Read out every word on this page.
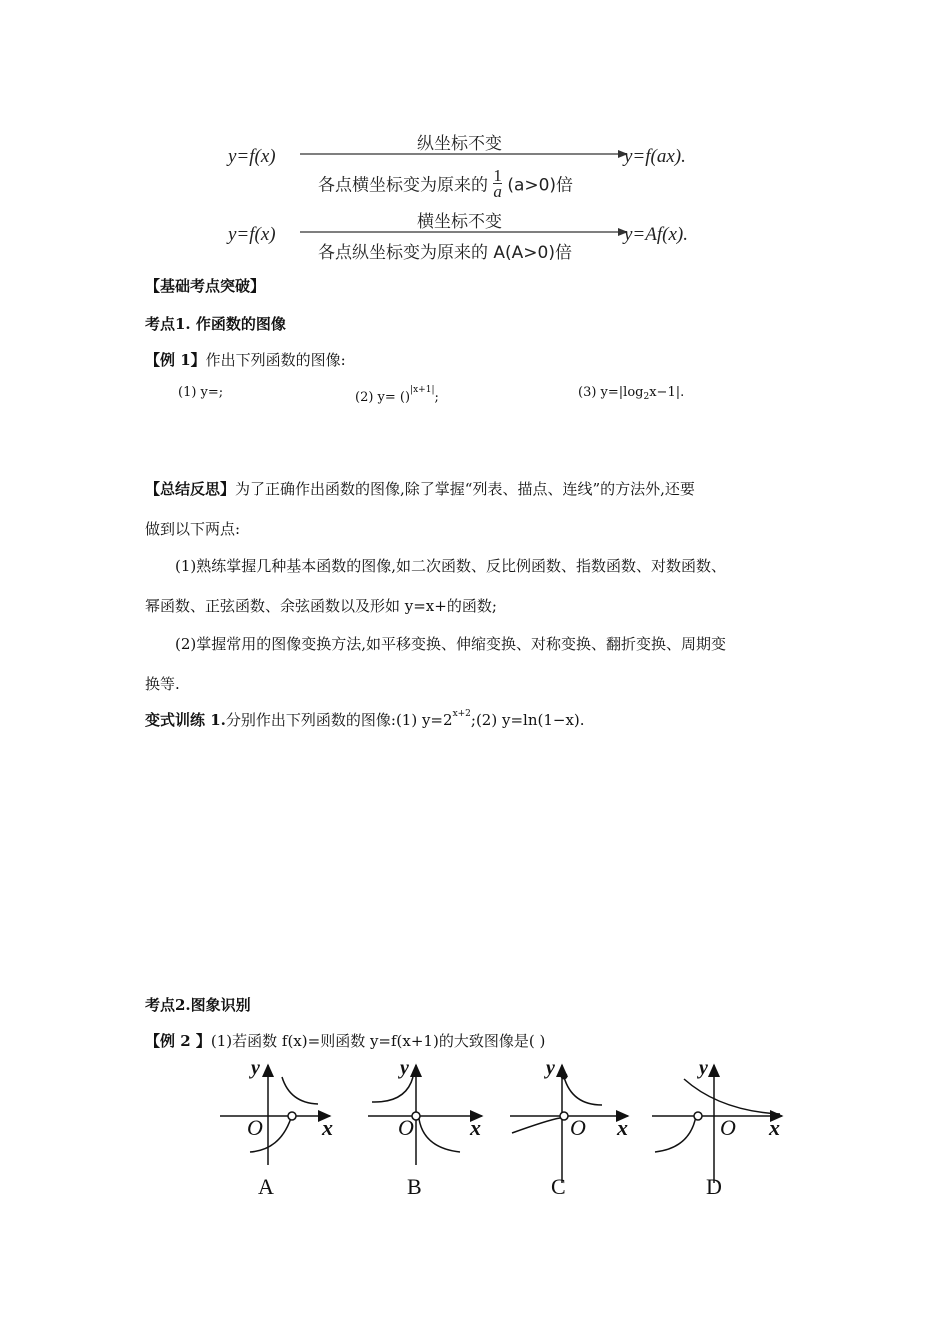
y=f(x)
纵坐标不变
各点横坐标变为原来的 $\frac{1}{a} (a>0)$倍
y=f(ax).
y=f(x)
横坐标不变
各点纵坐标变为原来的 A(A>0)倍
y=Af(x).
【基础考点突破】
考点1. 作函数的图像
【例 1】作出下列函数的图像:
(1) y=;	(2) y= ()$^{|x+1|}$;	(3) $y=|\log_2x-1|$.
【总结反思】为了正确作出函数的图像,除了掌握“列表、描点、连线”的方法外,还要
做到以下两点:
(1)熟练掌握几种基本函数的图像,如二次函数、反比例函数、指数函数、对数函数、
幂函数、正弦函数、余弦函数以及形如 y=x+的函数;
(2)掌握常用的图像变换方法,如平移变换、伸缩变换、对称变换、翻折变换、周期变
换等.
变式训练 1.分别作出下列函数的图像:(1) $y=2^{x+2};(2)$ y=ln(1−x).
考点2.图象识别
【例 2 】(1)若函数 f(x)=则函数 y=f(x+1)的大致图像是( )
y
O	x
A
y
O	x
B
y
O x
C
y
O x
D
